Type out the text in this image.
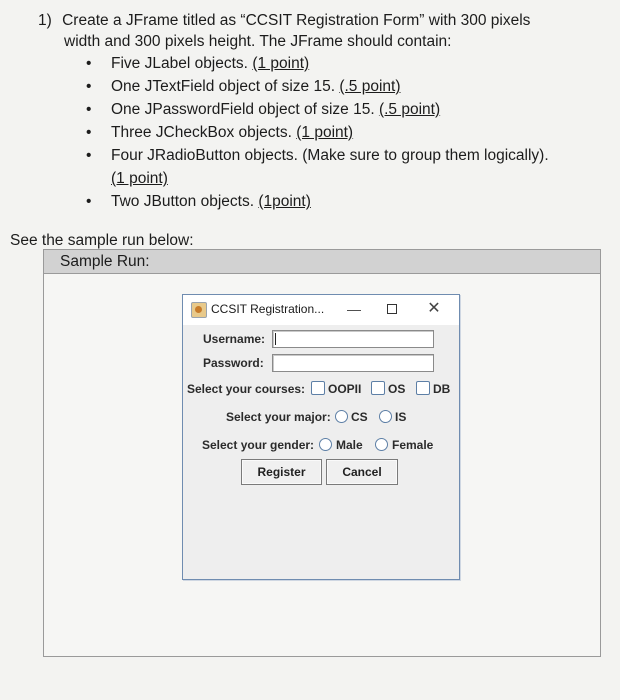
1) Create a JFrame titled as “CCSIT Registration Form” with 300 pixels
width and 300 pixels height. The JFrame should contain:
• Five JLabel objects. (1 point)
• One JTextField object of size 15. (.5 point)
• One JPasswordField object of size 15. (.5 point)
• Three JCheckBox objects. (1 point)
• Four JRadioButton objects. (Make sure to group them logically).
(1 point)
• Two JButton objects. (1point)
See the sample run below:
Sample Run:
CCSIT Registration... —	✕
Username:
Password:
Select your courses: OOPII OS DB
Select your major: CS IS
Select your gender: Male Female
Register	Cancel
